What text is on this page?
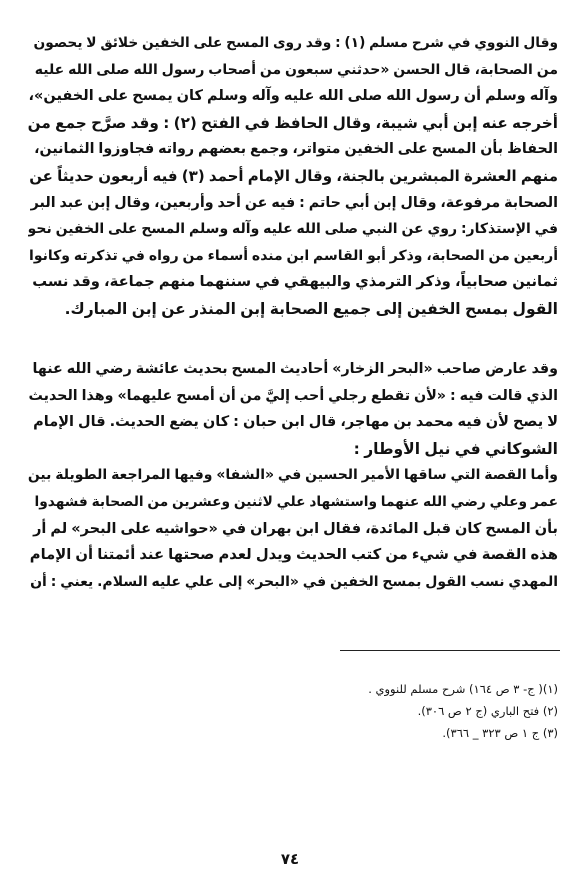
وقال النووي في شرح مسلم (١) : وقد روى المسح على الخفين خلائق لا يحصون
من الصحابة، قال الحسن «حدثني سبعون من أصحاب رسول الله صلى الله عليه
وآله وسلم أن رسول الله صلى الله عليه وآله وسلم كان يمسح على الخفين»،
أخرجه عنه إبن أبي شيبة، وقال الحافظ في الفتح (٢) : وقد صرَّح جمع من
الحفاظ بأن المسح على الخفين متواتر، وجمع بعضهم رواته فجاوزوا الثمانين،
منهم العشرة المبشرين بالجنة، وقال الإمام أحمد (٣) فيه أربعون حديثاً عن
الصحابة مرفوعة، وقال إبن أبي حاتم : فيه عن أحد وأربعين، وقال إبن عبد البر
في الإستذكار: روي عن النبي صلى الله عليه وآله وسلم المسح على الخفين نحو
أربعين من الصحابة، وذكر أبو القاسم ابن منده أسماء من رواه في تذكرته وكانوا
ثمانين صحابياً، وذكر الترمذي والبيهقي في سننهما منهم جماعة، وقد نسب
القول بمسح الخفين إلى جميع الصحابة إبن المنذر عن إبن المبارك.
وقد عارض صاحب «البحر الزخار» أحاديث المسح بحديث عائشة رضي الله عنها
الذي قالت فيه : «لأن تقطع رجلي أحب إليَّ من أن أمسح عليهما» وهذا الحديث
لا يصح لأن فيه محمد بن مهاجر، قال ابن حبان : كان يضع الحديث. قال الإمام
الشوكاني في نيل الأوطار :
وأما القصة التي ساقها الأمير الحسين في «الشفا» وفيها المراجعة الطويلة بين
عمر وعلي رضي الله عنهما واستشهاد علي لاثنين وعشرين من الصحابة فشهدوا
بأن المسح كان قبل المائدة، فقال ابن بهران في «حواشيه على البحر» لم أر
هذه القصة في شيء من كتب الحديث ويدل لعدم صحتها عند أئمتنا أن الإمام
المهدي نسب القول بمسح الخفين في «البحر» إلى علي عليه السلام. يعني : أن
(١)( ج- ٣ ص ١٦٤) شرح مسلم للنووي .
(٢) فتح الباري (ج ٢ ص ٣٠٦).
(٣) ج ١ ص ٣٢٣ _ ٣٦٦).
٧٤
